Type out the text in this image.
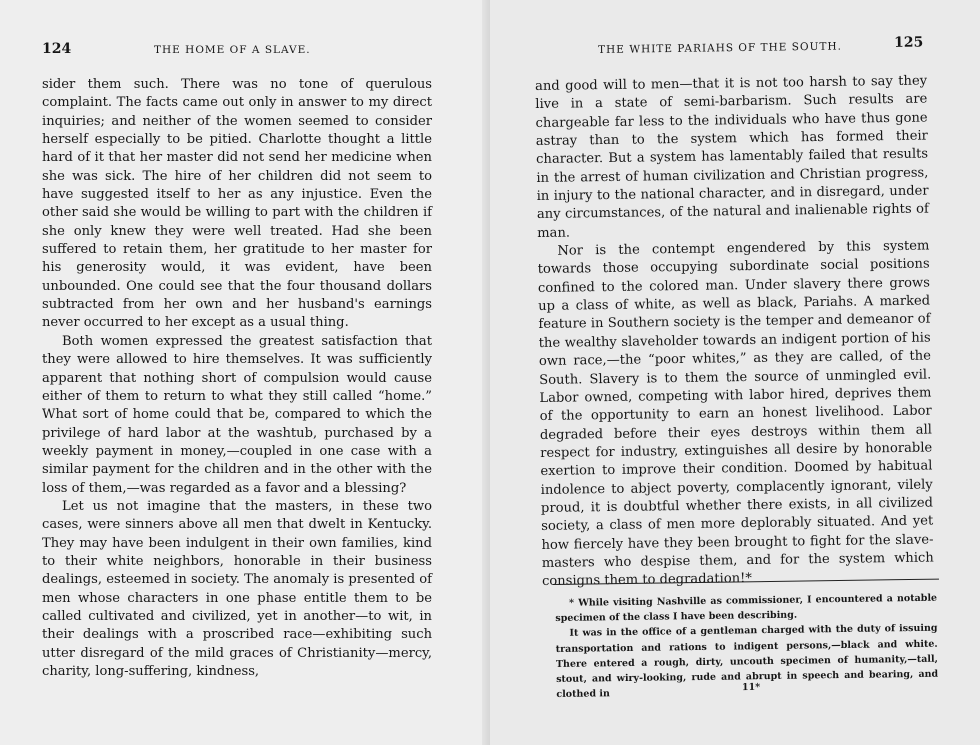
124	THE HOME OF A SLAVE.

sider them such. There was no tone of querulous complaint. The facts came out only in answer to my direct inquiries; and neither of the women seemed to consider herself especially to be pitied. Charlotte thought a little hard of it that her master did not send her medicine when she was sick. The hire of her children did not seem to have suggested itself to her as any injustice. Even the other said she would be willing to part with the children if she only knew they were well treated. Had she been suffered to retain them, her gratitude to her master for his generosity would, it was evident, have been unbounded. One could see that the four thousand dollars subtracted from her own and her husband's earnings never occurred to her except as a usual thing.

Both women expressed the greatest satisfaction that they were allowed to hire themselves. It was sufficiently apparent that nothing short of compulsion would cause either of them to return to what they still called “home.” What sort of home could that be, compared to which the privilege of hard labor at the washtub, purchased by a weekly payment in money,—coupled in one case with a similar payment for the children and in the other with the loss of them,—was regarded as a favor and a blessing?

Let us not imagine that the masters, in these two cases, were sinners above all men that dwelt in Kentucky. They may have been indulgent in their own families, kind to their white neighbors, honorable in their business dealings, esteemed in society. The anomaly is presented of men whose characters in one phase entitle them to be called cultivated and civilized, yet in another—to wit, in their dealings with a proscribed race—exhibiting such utter disregard of the mild graces of Christianity—mercy, charity, long-suffering, kindness,

THE WHITE PARIAHS OF THE SOUTH.	125

and good will to men—that it is not too harsh to say they live in a state of semi-barbarism. Such results are chargeable far less to the individuals who have thus gone astray than to the system which has formed their character. But a system has lamentably failed that results in the arrest of human civilization and Christian progress, in injury to the national character, and in disregard, under any circumstances, of the natural and inalienable rights of man.

Nor is the contempt engendered by this system towards those occupying subordinate social positions confined to the colored man. Under slavery there grows up a class of white, as well as black, Pariahs. A marked feature in Southern society is the temper and demeanor of the wealthy slaveholder towards an indigent portion of his own race,—the “poor whites,” as they are called, of the South. Slavery is to them the source of unmingled evil. Labor owned, competing with labor hired, deprives them of the opportunity to earn an honest livelihood. Labor degraded before their eyes destroys within them all respect for industry, extinguishes all desire by honorable exertion to improve their condition. Doomed by habitual indolence to abject poverty, complacently ignorant, vilely proud, it is doubtful whether there exists, in all civilized society, a class of men more deplorably situated. And yet how fiercely have they been brought to fight for the slave-masters who despise them, and for the system which consigns them to degradation!*

* While visiting Nashville as commissioner, I encountered a notable specimen of the class I have been describing.

It was in the office of a gentleman charged with the duty of issuing transportation and rations to indigent persons,—black and white. There entered a rough, dirty, uncouth specimen of humanity,—tall, stout, and wiry-looking, rude and abrupt in speech and bearing, and clothed in

11*
